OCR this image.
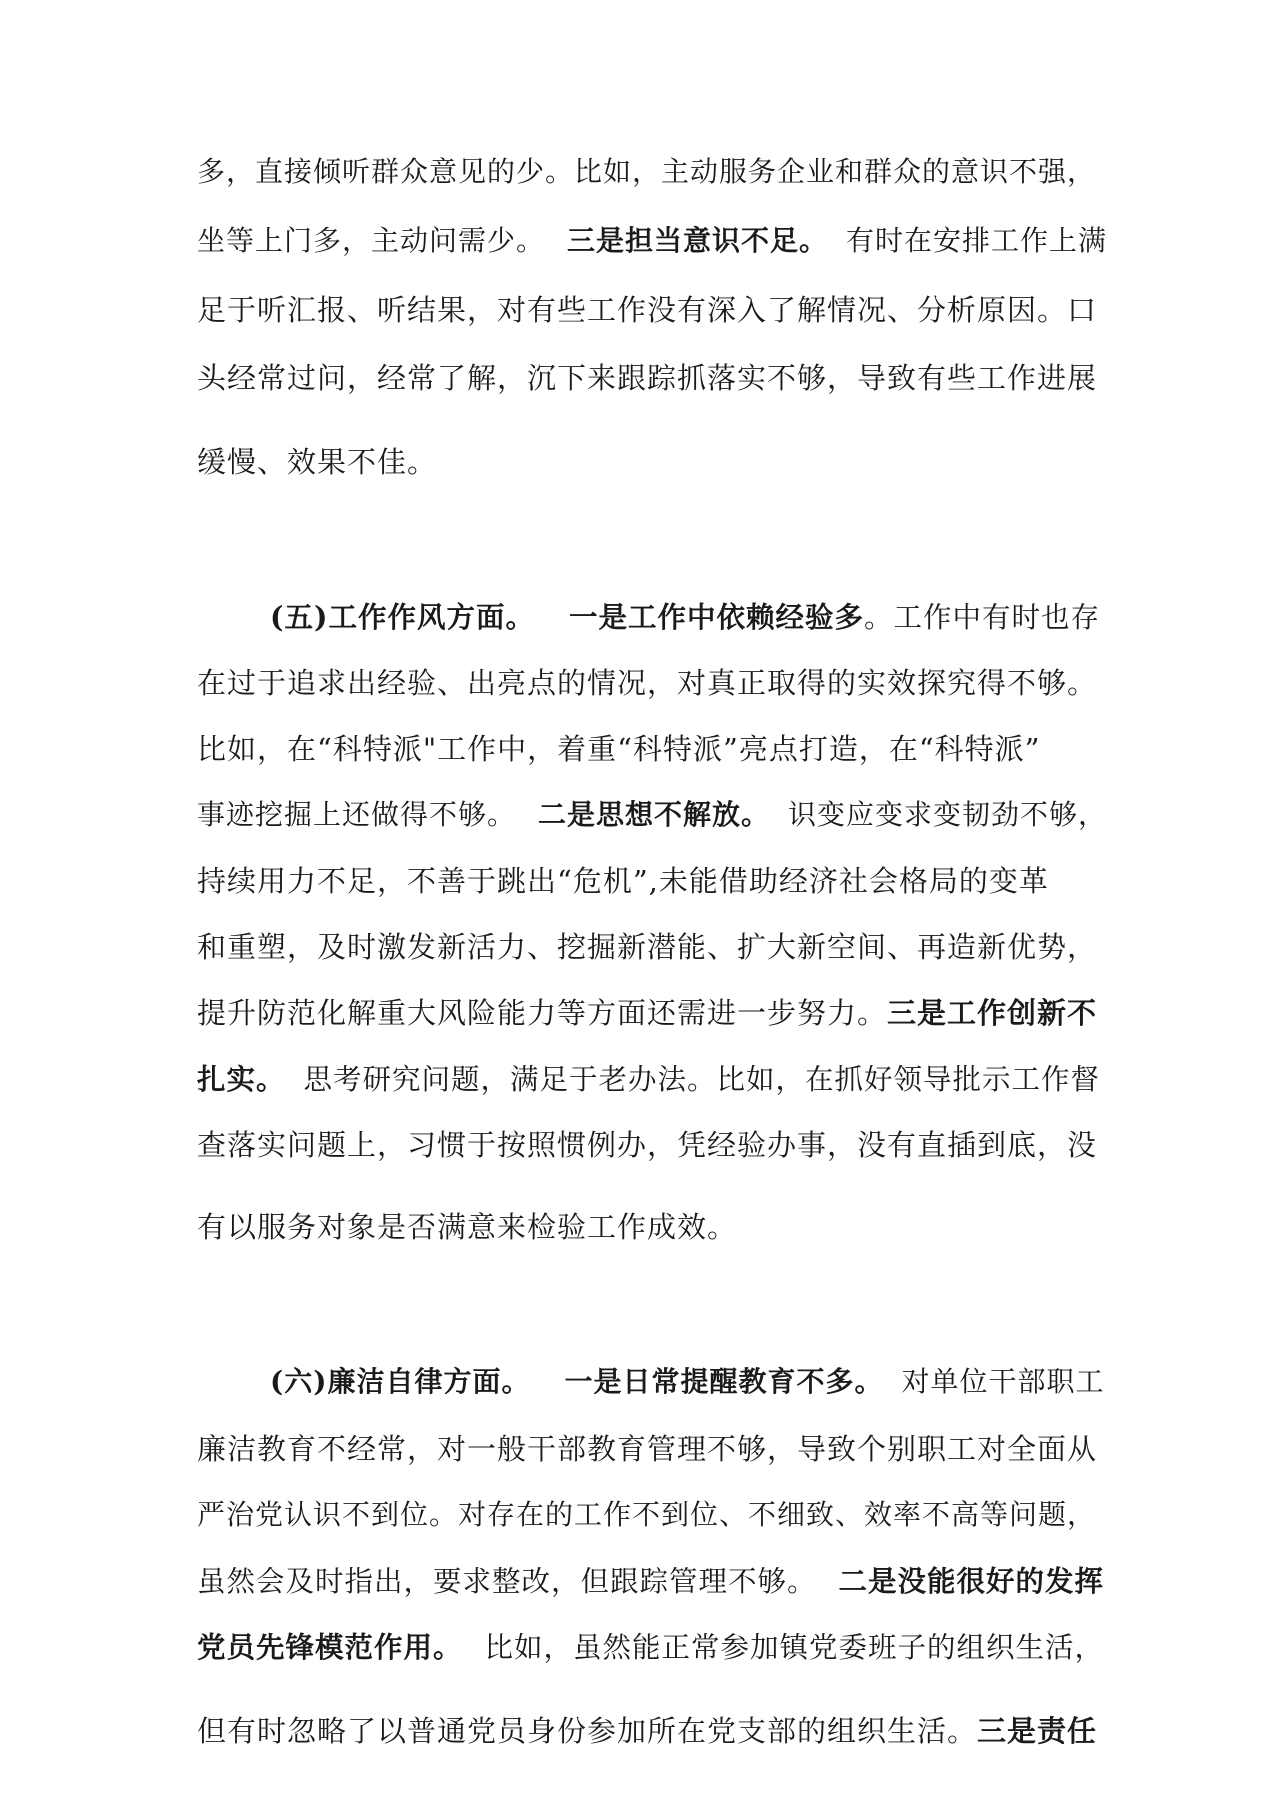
多，直接倾听群众意见的少。比如，主动服务企业和群众的意识不强，
坐等上门多，主动问需少。 三是担当意识不足。 有时在安排工作上满
足于听汇报、听结果，对有些工作没有深入了解情况、分析原因。口
头经常过问，经常了解，沉下来跟踪抓落实不够，导致有些工作进展
缓慢、效果不佳。
(五)工作作风方面。 一是工作中依赖经验多。工作中有时也存
在过于追求出经验、出亮点的情况，对真正取得的实效探究得不够。
比如，在“科特派"工作中，着重“科特派”亮点打造，在“科特派”
事迹挖掘上还做得不够。 二是思想不解放。 识变应变求变韧劲不够，
持续用力不足，不善于跳出“危机”,未能借助经济社会格局的变革
和重塑，及时激发新活力、挖掘新潜能、扩大新空间、再造新优势，
提升防范化解重大风险能力等方面还需进一步努力。三是工作创新不
扎实。 思考研究问题，满足于老办法。比如，在抓好领导批示工作督
查落实问题上，习惯于按照惯例办，凭经验办事，没有直插到底，没
有以服务对象是否满意来检验工作成效。
(六)廉洁自律方面。 一是日常提醒教育不多。 对单位干部职工
廉洁教育不经常，对一般干部教育管理不够，导致个别职工对全面从
严治党认识不到位。对存在的工作不到位、不细致、效率不高等问题，
虽然会及时指出，要求整改，但跟踪管理不够。 二是没能很好的发挥
党员先锋模范作用。 比如，虽然能正常参加镇党委班子的组织生活，
但有时忽略了以普通党员身份参加所在党支部的组织生活。三是责任
